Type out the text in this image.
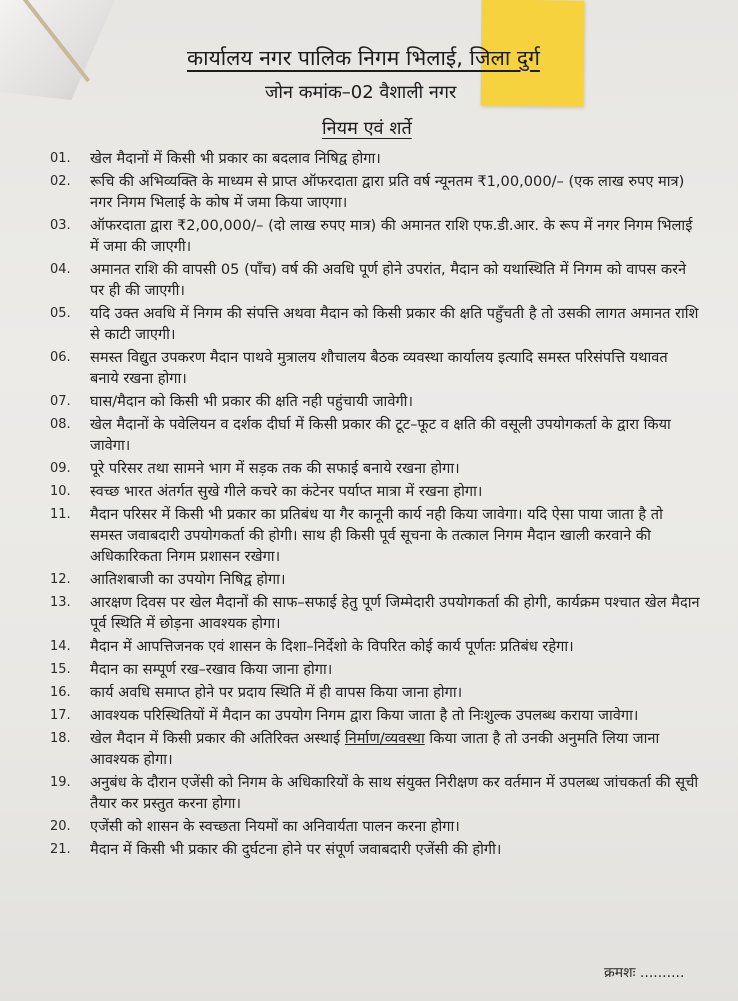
कार्यालय नगर पालिक निगम भिलाई, जिला दुर्ग
जोन कमांक–02 वैशाली नगर
नियम एवं शर्ते
01.	खेल मैदानों में किसी भी प्रकार का बदलाव निषिद्व होगा।
02.	रूचि की अभिव्यक्ति के माध्यम से प्राप्त ऑफरदाता द्वारा प्रति वर्ष न्यूनतम ₹1,00,000/– (एक लाख रुपए मात्र) नगर निगम भिलाई के कोष में जमा किया जाएगा।
03.	ऑफरदाता द्वारा ₹2,00,000/– (दो लाख रुपए मात्र) की अमानत राशि एफ.डी.आर. के रूप में नगर निगम भिलाई में जमा की जाएगी।
04.	अमानत राशि की वापसी 05 (पाँच) वर्ष की अवधि पूर्ण होने उपरांत, मैदान को यथास्थिति में निगम को वापस करने पर ही की जाएगी।
05.	यदि उक्त अवधि में निगम की संपत्ति अथवा मैदान को किसी प्रकार की क्षति पहुँचती है तो उसकी लागत अमानत राशि से काटी जाएगी।
06.	समस्त विद्युत उपकरण मैदान पाथवे मुत्रालय शौचालय बैठक व्यवस्था कार्यालय इत्यादि समस्त परिसंपत्ति यथावत बनाये रखना होगा।
07.	घास/मैदान को किसी भी प्रकार की क्षति नही पहुंचायी जावेगी।
08.	खेल मैदानों के पवेलियन व दर्शक दीर्घा में किसी प्रकार की टूट–फूट व क्षति की वसूली उपयोगकर्ता के द्वारा किया जावेगा।
09.	पूरे परिसर तथा सामने भाग में सड़क तक की सफाई बनाये रखना होगा।
10.	स्वच्छ भारत अंतर्गत सुखे गीले कचरे का कंटेनर पर्याप्त मात्रा में रखना होगा।
11.	मैदान परिसर में किसी भी प्रकार का प्रतिबंध या गैर कानूनी कार्य नही किया जावेगा। यदि ऐसा पाया जाता है तो समस्त जवाबदारी उपयोगकर्ता की होगी। साथ ही किसी पूर्व सूचना के तत्काल निगम मैदान खाली करवाने की अधिकारिकता निगम प्रशासन रखेगा।
12.	आतिशबाजी का उपयोग निषिद्व होगा।
13.	आरक्षण दिवस पर खेल मैदानों की साफ–सफाई हेतु पूर्ण जिम्मेदारी उपयोगकर्ता की होगी, कार्यक्रम पश्चात खेल मैदान पूर्व स्थिति में छोड़ना आवश्यक होगा।
14.	मैदान में आपत्तिजनक एवं शासन के दिशा–निर्देशो के विपरित कोई कार्य पूर्णतः प्रतिबंध रहेगा।
15.	मैदान का सम्पूर्ण रख–रखाव किया जाना होगा।
16.	कार्य अवधि समाप्त होने पर प्रदाय स्थिति में ही वापस किया जाना होगा।
17.	आवश्यक परिस्थितियों में मैदान का उपयोग निगम द्वारा किया जाता है तो निःशुल्क उपलब्ध कराया जावेगा।
18.	खेल मैदान में किसी प्रकार की अतिरिक्त अस्थाई निर्माण/व्यवस्था किया जाता है तो उनकी अनुमति लिया जाना आवश्यक होगा।
19.	अनुबंध के दौरान एजेंसी को निगम के अधिकारियों के साथ संयुक्त निरीक्षण कर वर्तमान में उपलब्ध जांचकर्ता की सूची तैयार कर प्रस्तुत करना होगा।
20.	एजेंसी को शासन के स्वच्छता नियमों का अनिवार्यता पालन करना होगा।
21.	मैदान में किसी भी प्रकार की दुर्घटना होने पर संपूर्ण जवाबदारी एजेंसी की होगी।
क्रमशः ..........
